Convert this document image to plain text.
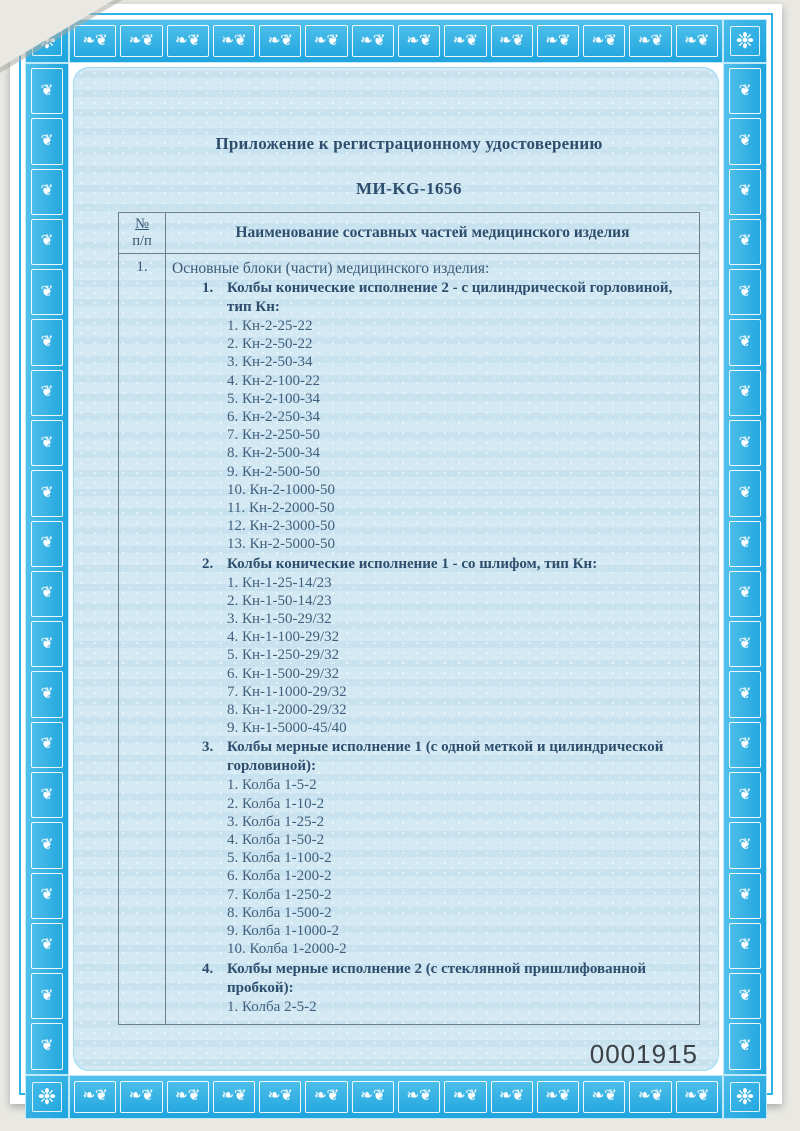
❉	❧❦	❧❦	❧❦	❧❦	❧❦	❧❦	❧❦	❧❦	❧❦	❧❦	❧❦	❧❦	❧❦	❧❦	❉
❦
❦
❦
❦
❦
❦
❦
❦
❦
❦
❦
❦
❦
❦
❦
❦
❦
❦
❦
❦
Приложение к регистрационному удостоверению
МИ-KG-1656
№
п/п	Наименование составных частей медицинского изделия
1.	Основные блоки (части) медицинского изделия:
1. Колбы конические исполнение 2 - с цилиндрической горловиной, тип Кн:
1. Кн-2-25-22
2. Кн-2-50-22
3. Кн-2-50-34
4. Кн-2-100-22
5. Кн-2-100-34
6. Кн-2-250-34
7. Кн-2-250-50
8. Кн-2-500-34
9. Кн-2-500-50
10. Кн-2-1000-50
11. Кн-2-2000-50
12. Кн-2-3000-50
13. Кн-2-5000-50
2. Колбы конические исполнение 1 - со шлифом, тип Кн:
1. Кн-1-25-14/23
2. Кн-1-50-14/23
3. Кн-1-50-29/32
4. Кн-1-100-29/32
5. Кн-1-250-29/32
6. Кн-1-500-29/32
7. Кн-1-1000-29/32
8. Кн-1-2000-29/32
9. Кн-1-5000-45/40
3. Колбы мерные исполнение 1 (с одной меткой и цилиндрической горловиной):
1. Колба 1-5-2
2. Колба 1-10-2
3. Колба 1-25-2
4. Колба 1-50-2
5. Колба 1-100-2
6. Колба 1-200-2
7. Колба 1-250-2
8. Колба 1-500-2
9. Колба 1-1000-2
10. Колба 1-2000-2
4. Колбы мерные исполнение 2 (с стеклянной пришлифованной пробкой):
1. Колба 2-5-2
0001915
❦
❦
❦
❦
❦
❦
❦
❦
❦
❦
❦
❦
❦
❦
❦
❦
❦
❦
❦
❦
❉	❧❦	❧❦	❧❦	❧❦	❧❦	❧❦	❧❦	❧❦	❧❦	❧❦	❧❦	❧❦	❧❦	❧❦	❉
